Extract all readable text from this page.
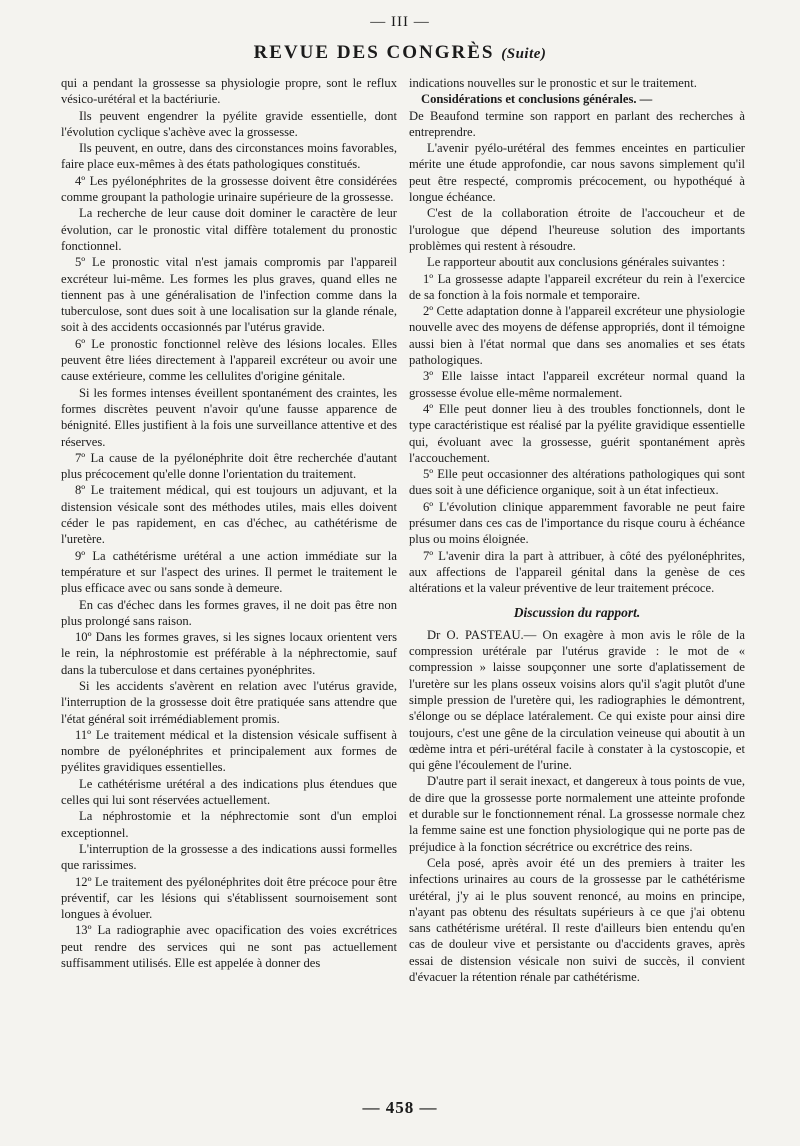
— III —
REVUE DES CONGRÈS (Suite)

qui a pendant la grossesse sa physiologie propre, sont le reflux vésico-urétéral et la bactériurie.

Ils peuvent engendrer la pyélite gravide essentielle, dont l'évolution cyclique s'achève avec la grossesse.

Ils peuvent, en outre, dans des circonstances moins favorables, faire place eux-mêmes à des états pathologiques constitués.

4º Les pyélonéphrites de la grossesse doivent être considérées comme groupant la pathologie urinaire supérieure de la grossesse.

La recherche de leur cause doit dominer le caractère de leur évolution, car le pronostic vital diffère totalement du pronostic fonctionnel.

5º Le pronostic vital n'est jamais compromis par l'appareil excréteur lui-même. Les formes les plus graves, quand elles ne tiennent pas à une généralisation de l'infection comme dans la tuberculose, sont dues soit à une localisation sur la glande rénale, soit à des accidents occasionnés par l'utérus gravide.

6º Le pronostic fonctionnel relève des lésions locales. Elles peuvent être liées directement à l'appareil excréteur ou avoir une cause extérieure, comme les cellulites d'origine génitale.

Si les formes intenses éveillent spontanément des craintes, les formes discrètes peuvent n'avoir qu'une fausse apparence de bénignité. Elles justifient à la fois une surveillance attentive et des réserves.

7º La cause de la pyélonéphrite doit être recherchée d'autant plus précocement qu'elle donne l'orientation du traitement.

8º Le traitement médical, qui est toujours un adjuvant, et la distension vésicale sont des méthodes utiles, mais elles doivent céder le pas rapidement, en cas d'échec, au cathétérisme de l'uretère.

9º La cathétérisme urétéral a une action immédiate sur la température et sur l'aspect des urines. Il permet le traitement le plus efficace avec ou sans sonde à demeure.

En cas d'échec dans les formes graves, il ne doit pas être non plus prolongé sans raison.

10º Dans les formes graves, si les signes locaux orientent vers le rein, la néphrostomie est préférable à la néphrectomie, sauf dans la tuberculose et dans certaines pyonéphrites.

Si les accidents s'avèrent en relation avec l'utérus gravide, l'interruption de la grossesse doit être pratiquée sans attendre que l'état général soit irrémédiablement promis.

11º Le traitement médical et la distension vésicale suffisent à nombre de pyélonéphrites et principalement aux formes de pyélites gravidiques essentielles.

Le cathétérisme urétéral a des indications plus étendues que celles qui lui sont réservées actuellement.

La néphrostomie et la néphrectomie sont d'un emploi exceptionnel.

L'interruption de la grossesse a des indications aussi formelles que rarissimes.

12º Le traitement des pyélonéphrites doit être précoce pour être préventif, car les lésions qui s'établissent sournoisement sont longues à évoluer.

13º La radiographie avec opacification des voies excrétrices peut rendre des services qui ne sont pas actuellement suffisamment utilisés. Elle est appelée à donner des

indications nouvelles sur le pronostic et sur le traitement.

Considérations et conclusions générales. —

De Beaufond termine son rapport en parlant des recherches à entreprendre.

L'avenir pyélo-urétéral des femmes enceintes en particulier mérite une étude approfondie, car nous savons simplement qu'il peut être respecté, compromis précocement, ou hypothéqué à longue échéance.

C'est de la collaboration étroite de l'accoucheur et de l'urologue que dépend l'heureuse solution des importants problèmes qui restent à résoudre.

Le rapporteur aboutit aux conclusions générales suivantes :

1º La grossesse adapte l'appareil excréteur du rein à l'exercice de sa fonction à la fois normale et temporaire.

2º Cette adaptation donne à l'appareil excréteur une physiologie nouvelle avec des moyens de défense appropriés, dont il témoigne aussi bien à l'état normal que dans ses anomalies et ses états pathologiques.

3º Elle laisse intact l'appareil excréteur normal quand la grossesse évolue elle-même normalement.

4º Elle peut donner lieu à des troubles fonctionnels, dont le type caractéristique est réalisé par la pyélite gravidique essentielle qui, évoluant avec la grossesse, guérit spontanément après l'accouchement.

5º Elle peut occasionner des altérations pathologiques qui sont dues soit à une déficience organique, soit à un état infectieux.

6º L'évolution clinique apparemment favorable ne peut faire présumer dans ces cas de l'importance du risque couru à échéance plus ou moins éloignée.

7º L'avenir dira la part à attribuer, à côté des pyélonéphrites, aux affections de l'appareil génital dans la genèse de ces altérations et la valeur préventive de leur traitement précoce.

Discussion du rapport.

Dr O. PASTEAU.— On exagère à mon avis le rôle de la compression urétérale par l'utérus gravide : le mot de « compression » laisse soupçonner une sorte d'aplatissement de l'uretère sur les plans osseux voisins alors qu'il s'agit plutôt d'une simple pression de l'uretère qui, les radiographies le démontrent, s'élonge ou se déplace latéralement. Ce qui existe pour ainsi dire toujours, c'est une gêne de la circulation veineuse qui aboutit à un œdème intra et péri-urétéral facile à constater à la cystoscopie, et qui gêne l'écoulement de l'urine.

D'autre part il serait inexact, et dangereux à tous points de vue, de dire que la grossesse porte normalement une atteinte profonde et durable sur le fonctionnement rénal. La grossesse normale chez la femme saine est une fonction physiologique qui ne porte pas de préjudice à la fonction sécrétrice ou excrétrice des reins.

Cela posé, après avoir été un des premiers à traiter les infections urinaires au cours de la grossesse par le cathétérisme urétéral, j'y ai le plus souvent renoncé, au moins en principe, n'ayant pas obtenu des résultats supérieurs à ce que j'ai obtenu sans cathétérisme urétéral. Il reste d'ailleurs bien entendu qu'en cas de douleur vive et persistante ou d'accidents graves, après essai de distension vésicale non suivi de succès, il convient d'évacuer la rétention rénale par cathétérisme.

— 458 —
